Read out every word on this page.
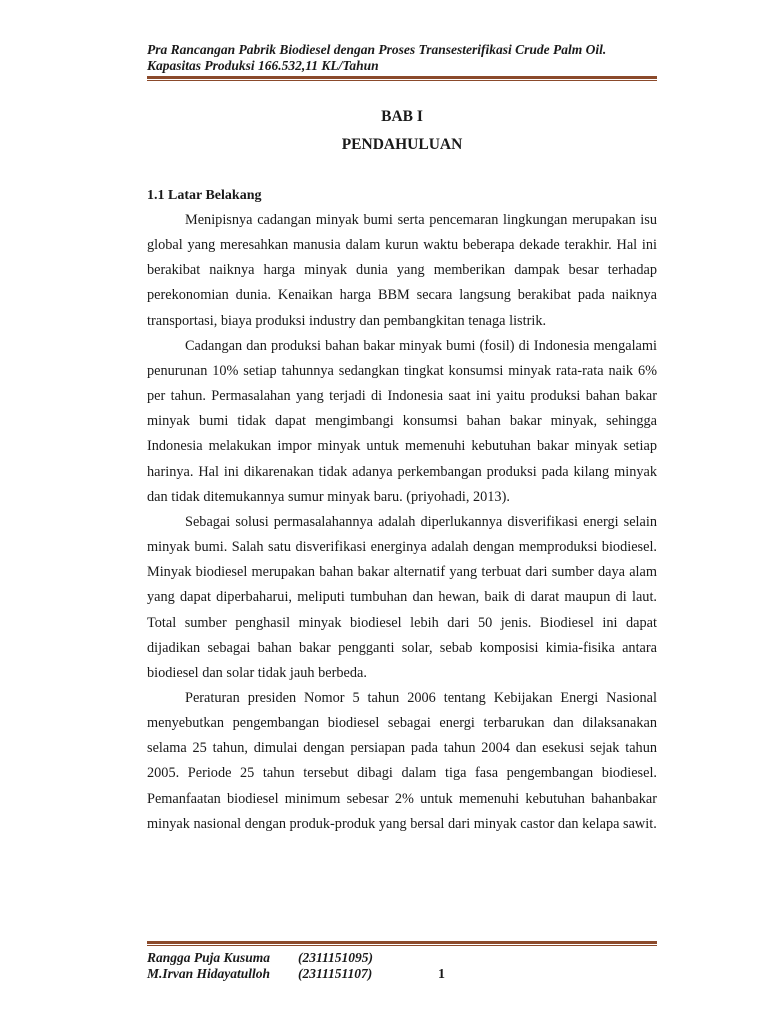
Pra Rancangan Pabrik Biodiesel dengan Proses Transesterifikasi Crude Palm Oil.
Kapasitas Produksi 166.532,11 KL/Tahun
BAB I
PENDAHULUAN
1.1 Latar Belakang

Menipisnya cadangan minyak bumi serta pencemaran lingkungan merupakan isu global yang meresahkan manusia dalam kurun waktu beberapa dekade terakhir. Hal ini berakibat naiknya harga minyak dunia yang memberikan dampak besar terhadap perekonomian dunia. Kenaikan harga BBM secara langsung berakibat pada naiknya transportasi, biaya produksi industry dan pembangkitan tenaga listrik.

Cadangan dan produksi bahan bakar minyak bumi (fosil) di Indonesia mengalami penurunan 10% setiap tahunnya sedangkan tingkat konsumsi minyak rata-rata naik 6% per tahun. Permasalahan yang terjadi di Indonesia saat ini yaitu produksi bahan bakar minyak bumi tidak dapat mengimbangi konsumsi bahan bakar minyak, sehingga Indonesia melakukan impor minyak untuk memenuhi kebutuhan bakar minyak setiap harinya. Hal ini dikarenakan tidak adanya perkembangan produksi pada kilang minyak dan tidak ditemukannya sumur minyak baru. (priyohadi, 2013).

Sebagai solusi permasalahannya adalah diperlukannya disverifikasi energi selain minyak bumi. Salah satu disverifikasi energinya adalah dengan memproduksi biodiesel. Minyak biodiesel merupakan bahan bakar alternatif yang terbuat dari sumber daya alam yang dapat diperbaharui, meliputi tumbuhan dan hewan, baik di darat maupun di laut. Total sumber penghasil minyak biodiesel lebih dari 50 jenis. Biodiesel ini dapat dijadikan sebagai bahan bakar pengganti solar, sebab komposisi kimia-fisika antara biodiesel dan solar tidak jauh berbeda.

Peraturan presiden Nomor 5 tahun 2006 tentang Kebijakan Energi Nasional menyebutkan pengembangan biodiesel sebagai energi terbarukan dan dilaksanakan selama 25 tahun, dimulai dengan persiapan pada tahun 2004 dan esekusi sejak tahun 2005. Periode 25 tahun tersebut dibagi dalam tiga fasa pengembangan biodiesel. Pemanfaatan biodiesel minimum sebesar 2% untuk memenuhi kebutuhan bahanbakar minyak nasional dengan produk-produk yang bersal dari minyak castor dan kelapa sawit.

Rangga Puja Kusuma	(2311151095)
M.Irvan Hidayatulloh	(2311151107)	1
